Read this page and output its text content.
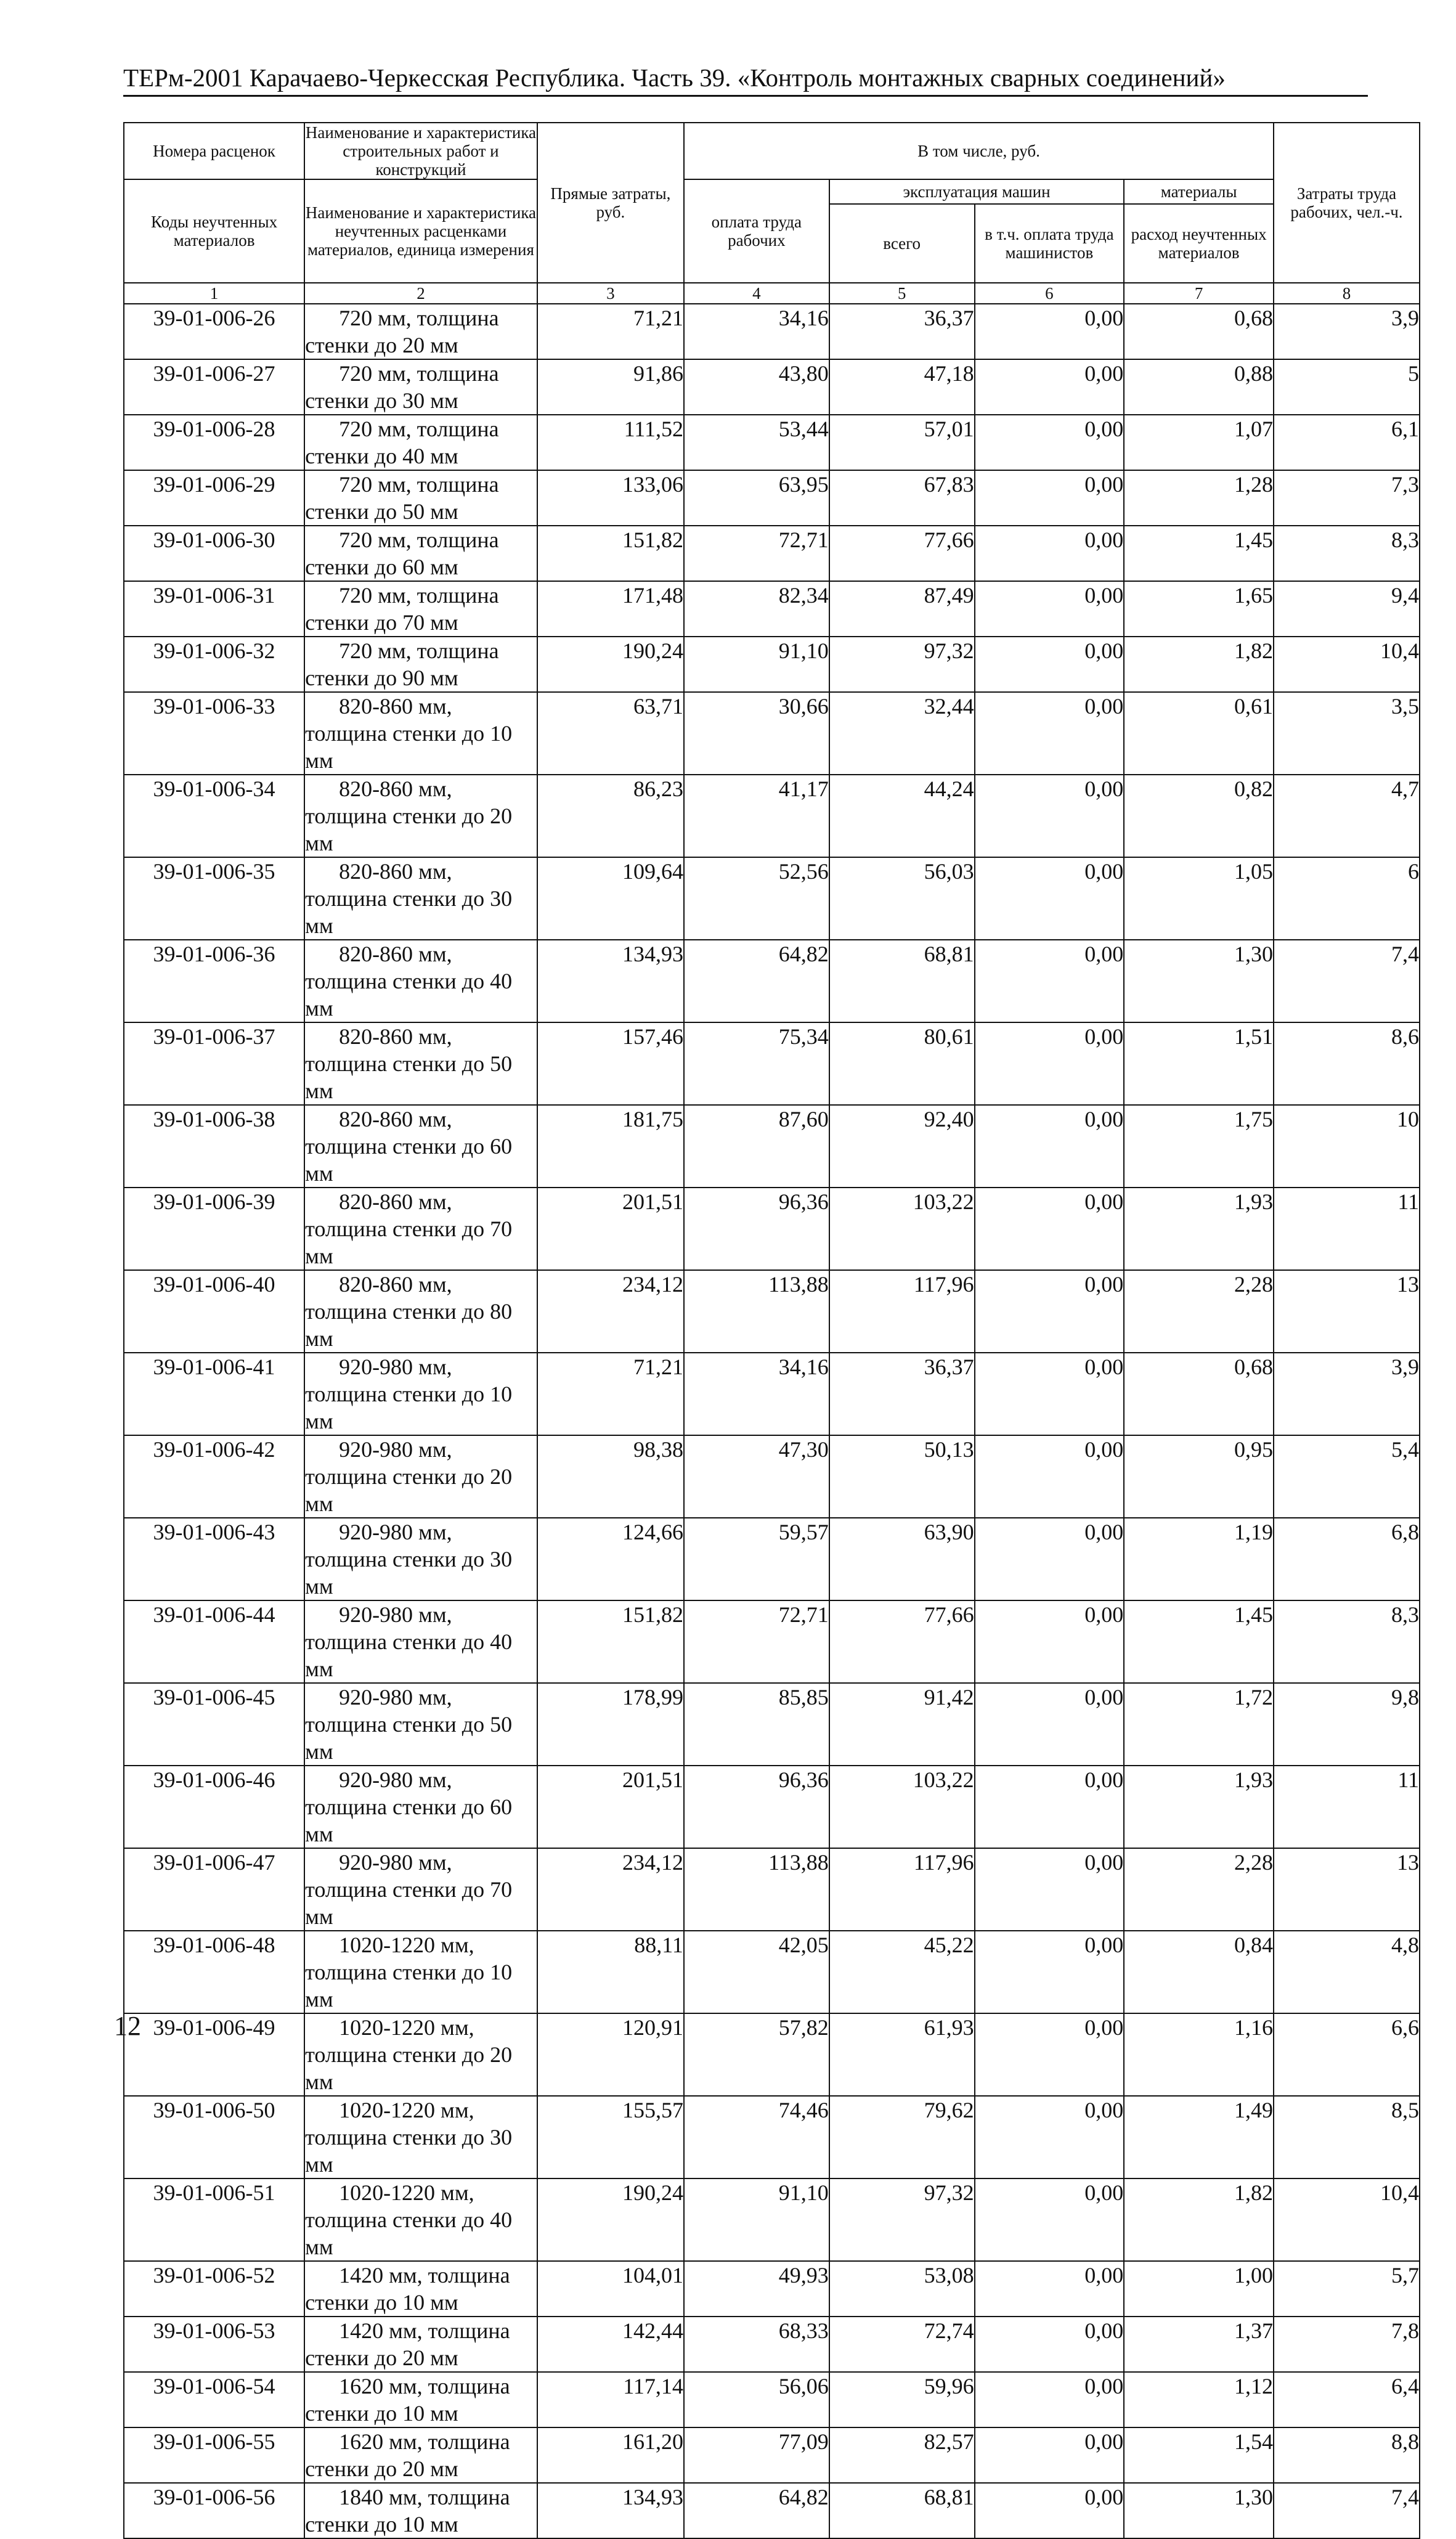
ТЕРм-2001 Карачаево-Черкесская Республика. Часть 39. «Контроль монтажных сварных соединений»
Номера расценок	Наименование и характеристика строительных работ и конструкций	Прямые затраты, руб.	В том числе, руб.				Затраты труда рабочих, чел.-ч.
Коды неучтенных материалов	Наименование и характеристика неучтенных расценками материалов, единица измерения		оплата труда рабочих	эксплуатация машин		материалы	
				всего	в т.ч. оплата труда машинистов	расход неучтенных материалов	

1	2	3	4	5	6	7	8
39-01-006-26	720 мм, толщина стенки до 20 мм	71,21	34,16	36,37	0,00	0,68	3,9
39-01-006-27	720 мм, толщина стенки до 30 мм	91,86	43,80	47,18	0,00	0,88	5
39-01-006-28	720 мм, толщина стенки до 40 мм	111,52	53,44	57,01	0,00	1,07	6,1
39-01-006-29	720 мм, толщина стенки до 50 мм	133,06	63,95	67,83	0,00	1,28	7,3
39-01-006-30	720 мм, толщина стенки до 60 мм	151,82	72,71	77,66	0,00	1,45	8,3
39-01-006-31	720 мм, толщина стенки до 70 мм	171,48	82,34	87,49	0,00	1,65	9,4
39-01-006-32	720 мм, толщина стенки до 90 мм	190,24	91,10	97,32	0,00	1,82	10,4
39-01-006-33	820-860 мм, толщина стенки до 10 мм	63,71	30,66	32,44	0,00	0,61	3,5
39-01-006-34	820-860 мм, толщина стенки до 20 мм	86,23	41,17	44,24	0,00	0,82	4,7
39-01-006-35	820-860 мм, толщина стенки до 30 мм	109,64	52,56	56,03	0,00	1,05	6
39-01-006-36	820-860 мм, толщина стенки до 40 мм	134,93	64,82	68,81	0,00	1,30	7,4
39-01-006-37	820-860 мм, толщина стенки до 50 мм	157,46	75,34	80,61	0,00	1,51	8,6
39-01-006-38	820-860 мм, толщина стенки до 60 мм	181,75	87,60	92,40	0,00	1,75	10
39-01-006-39	820-860 мм, толщина стенки до 70 мм	201,51	96,36	103,22	0,00	1,93	11
39-01-006-40	820-860 мм, толщина стенки до 80 мм	234,12	113,88	117,96	0,00	2,28	13
39-01-006-41	920-980 мм, толщина стенки до 10 мм	71,21	34,16	36,37	0,00	0,68	3,9
39-01-006-42	920-980 мм, толщина стенки до 20 мм	98,38	47,30	50,13	0,00	0,95	5,4
39-01-006-43	920-980 мм, толщина стенки до 30 мм	124,66	59,57	63,90	0,00	1,19	6,8
39-01-006-44	920-980 мм, толщина стенки до 40 мм	151,82	72,71	77,66	0,00	1,45	8,3
39-01-006-45	920-980 мм, толщина стенки до 50 мм	178,99	85,85	91,42	0,00	1,72	9,8
39-01-006-46	920-980 мм, толщина стенки до 60 мм	201,51	96,36	103,22	0,00	1,93	11
39-01-006-47	920-980 мм, толщина стенки до 70 мм	234,12	113,88	117,96	0,00	2,28	13
39-01-006-48	1020-1220 мм, толщина стенки до 10 мм	88,11	42,05	45,22	0,00	0,84	4,8
39-01-006-49	1020-1220 мм, толщина стенки до 20 мм	120,91	57,82	61,93	0,00	1,16	6,6
39-01-006-50	1020-1220 мм, толщина стенки до 30 мм	155,57	74,46	79,62	0,00	1,49	8,5
39-01-006-51	1020-1220 мм, толщина стенки до 40 мм	190,24	91,10	97,32	0,00	1,82	10,4
39-01-006-52	1420 мм, толщина стенки до 10 мм	104,01	49,93	53,08	0,00	1,00	5,7
39-01-006-53	1420 мм, толщина стенки до 20 мм	142,44	68,33	72,74	0,00	1,37	7,8
39-01-006-54	1620 мм, толщина стенки до 10 мм	117,14	56,06	59,96	0,00	1,12	6,4
39-01-006-55	1620 мм, толщина стенки до 20 мм	161,20	77,09	82,57	0,00	1,54	8,8
39-01-006-56	1840 мм, толщина стенки до 10 мм	134,93	64,82	68,81	0,00	1,30	7,4
12
